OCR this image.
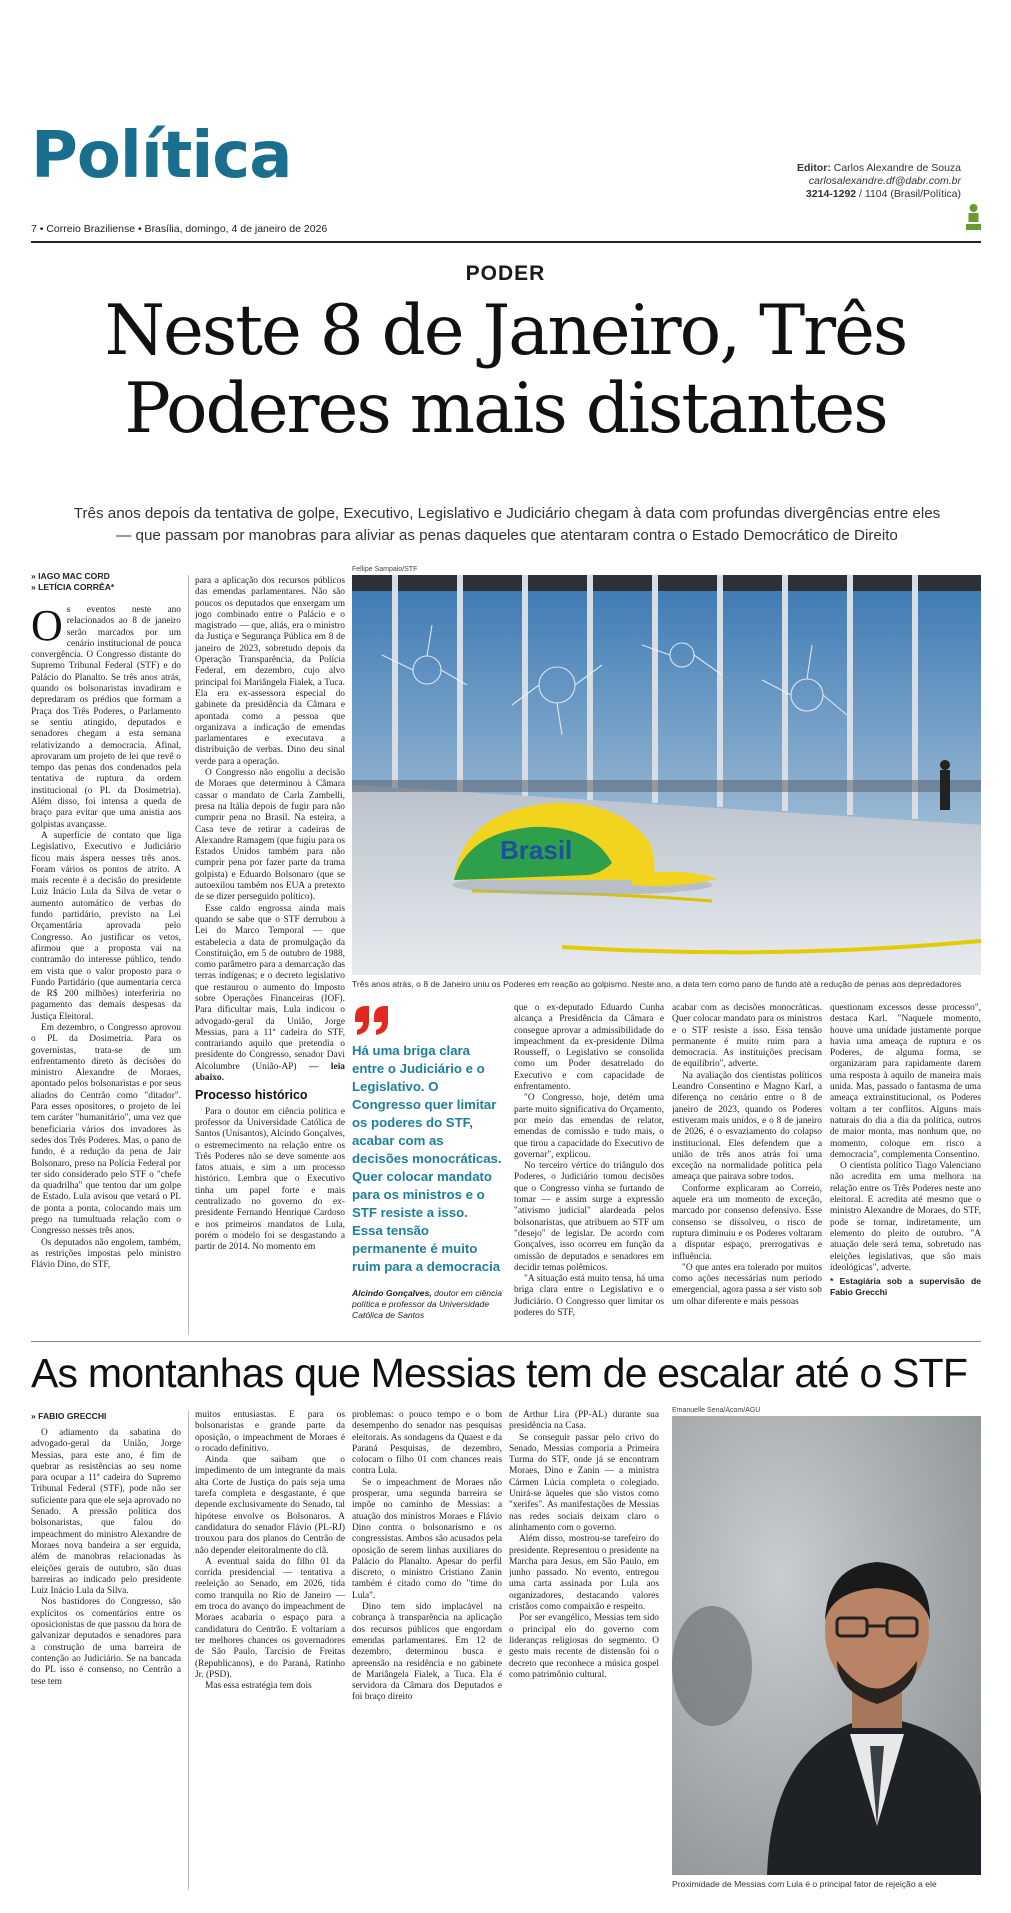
Política
7 • Correio Braziliense • Brasília, domingo, 4 de janeiro de 2026
Editor: Carlos Alexandre de Souza
carlosalexandre.df@dabr.com.br
3214-1292 / 1104 (Brasil/Política)
PODER
Neste 8 de Janeiro, Três
Poderes mais distantes
Três anos depois da tentativa de golpe, Executivo, Legislativo e Judiciário chegam à data com profundas divergências entre eles — que passam por manobras para aliviar as penas daqueles que atentaram contra o Estado Democrático de Direito
» IAGO MAC CORD
» LETÍCIA CORRÊA*

Os eventos neste ano relacionados ao 8 de janeiro serão marcados por um cenário institucional de pouca convergência. O Congresso distante do Supremo Tribunal Federal (STF) e do Palácio do Planalto. Se três anos atrás, quando os bolsonaristas invadiram e depredaram os prédios que formam a Praça dos Três Poderes, o Parlamento se sentiu atingido, deputados e senadores chegam a esta semana relativizando a democracia. Afinal, aprovaram um projeto de lei que revê o tempo das penas dos condenados pela tentativa de ruptura da ordem institucional (o PL da Dosimetria). Além disso, foi intensa a queda de braço para evitar que uma anistia aos golpistas avançasse.

A superfície de contato que liga Legislativo, Executivo e Judiciário ficou mais áspera nesses três anos. Foram vários os pontos de atrito. A mais recente é a decisão do presidente Luiz Inácio Lula da Silva de vetar o aumento automático de verbas do fundo partidário, previsto na Lei Orçamentária aprovada pelo Congresso. Ao justificar os vetos, afirmou que a proposta vai na contramão do interesse público, tendo em vista que o valor proposto para o Fundo Partidário (que aumentaria cerca de R$ 200 milhões) interferiria no pagamento das demais despesas da Justiça Eleitoral.

Em dezembro, o Congresso aprovou o PL da Dosimetria. Para os governistas, trata-se de um enfrentamento direto às decisões do ministro Alexandre de Moraes, apontado pelos bolsonaristas e por seus aliados do Centrão como "ditador". Para esses opositores, o projeto de lei tem caráter "humanitário", uma vez que beneficiaria vários dos invadores às sedes dos Três Poderes. Mas, o pano de fundo, é a redução da pena de Jair Bolsonaro, preso na Polícia Federal por ter sido considerado pelo STF o "chefe da quadrilha" que tentou dar um golpe de Estado. Lula avisou que vetará o PL de ponta a ponta, colocando mais um prego na tumultuada relação com o Congresso nesses três anos.

Os deputados não engolem, também, as restrições impostas pelo ministro Flávio Dino, do STF,

para a aplicação dos recursos públicos das emendas parlamentares. Não são poucos os deputados que enxergam um jogo combinado entre o Palácio e o magistrado — que, aliás, era o ministro da Justiça e Segurança Pública em 8 de janeiro de 2023, sobretudo depois da Operação Transparência, da Polícia Federal, em dezembro, cujo alvo principal foi Mariângela Fialek, a Tuca. Ela era ex-assessora especial do gabinete da presidência da Câmara e apontada como a pessoa que organizava a indicação de emendas parlamentares e executava a distribuição de verbas. Dino deu sinal verde para a operação.

O Congresso não engoliu a decisão de Moraes que determinou à Câmara cassar o mandato de Carla Zambelli, presa na Itália depois de fugir para não cumprir pena no Brasil. Na esteira, a Casa teve de retirar a cadeiras de Alexandre Ramagem (que fugiu para os Estados Unidos também para não cumprir pena por fazer parte da trama golpista) e Eduardo Bolsonaro (que se autoexilou também nos EUA a pretexto de se dizer perseguido político).

Esse caldo engrossa ainda mais quando se sabe que o STF derrubou a Lei do Marco Temporal — que estabelecia a data de promulgação da Constituição, em 5 de outubro de 1988, como parâmetro para a demarcação das terras indígenas; e o decreto legislativo que restaurou o aumento do Imposto sobre Operações Financeiras (IOF). Para dificultar mais, Lula indicou o advogado-geral da União, Jorge Messias, para a 11ª cadeira do STF, contrariando aquilo que pretendia o presidente do Congresso, senador Davi Alcolumbre (União-AP) — leia abaixo.

Processo histórico

Para o doutor em ciência política e professor da Universidade Católica de Santos (Unisantos), Alcindo Gonçalves, o estremecimento na relação entre os Três Poderes não se deve somente aos fatos atuais, e sim a um processo histórico. Lembra que o Executivo tinha um papel forte e mais centralizado no governo do ex-presidente Fernando Henrique Cardoso e nos primeiros mandatos de Lula, porém o modelo foi se desgastando a partir de 2014. No momento em

Fellipe Sampaio/STF
Brasil
Três anos atrás, o 8 de Janeiro uniu os Poderes em reação ao golpismo. Neste ano, a data tem como pano de fundo até a redução de penas aos depredadores
Há uma briga clara entre o Judiciário e o Legislativo. O Congresso quer limitar os poderes do STF, acabar com as decisões monocráticas. Quer colocar mandato para os ministros e o STF resiste a isso. Essa tensão permanente é muito ruim para a democracia
Alcindo Gonçalves, doutor em ciência política e professor da Universidade Católica de Santos

que o ex-deputado Eduardo Cunha alcança a Presidência da Câmara e consegue aprovar a admissibilidade do impeachment da ex-presidente Dilma Rousseff, o Legislativo se consolida como um Poder desatrelado do Executivo e com capacidade de enfrentamento.

"O Congresso, hoje, detém uma parte muito significativa do Orçamento, por meio das emendas de relator, emendas de comissão e tudo mais, o que tirou a capacidade do Executivo de governar", explicou.

No terceiro vértice do triângulo dos Poderes, o Judiciário tomou decisões que o Congresso vinha se furtando de tomar — e assim surge a expressão "ativismo judicial" alardeada pelos bolsonaristas, que atribuem ao STF um "desejo" de legislar. De acordo com Gonçalves, isso ocorreu em função da omissão de deputados e senadores em decidir temas polêmicos.

"A situação está muito tensa, há uma briga clara entre o Legislativo e o Judiciário. O Congresso quer limitar os poderes do STF,

acabar com as decisões monocráticas. Quer colocar mandato para os ministros e o STF resiste a isso. Essa tensão permanente é muito ruim para a democracia. As instituições precisam de equilíbrio", adverte.

Na avaliação dos cientistas políticos Leandro Consentino e Magno Karl, a diferença no cenário entre o 8 de janeiro de 2023, quando os Poderes estiveram mais unidos, e o 8 de janeiro de 2026, é o esvaziamento do colapso institucional. Eles defendem que a união de três anos atrás foi uma exceção na normalidade política pela ameaça que pairava sobre todos.

Conforme explicaram ao Correio, aquele era um momento de exceção, marcado por consenso defensivo. Esse consenso se dissolveu, o risco de ruptura diminuiu e os Poderes voltaram a disputar espaço, prerrogativas e influência.

"O que antes era tolerado por muitos como ações necessárias num período emergencial, agora passa a ser visto sob um olhar diferente e mais pessoas

questionam excessos desse processo", destaca Karl. "Naquele momento, houve uma unidade justamente porque havia uma ameaça de ruptura e os Poderes, de alguma forma, se organizaram para rapidamente darem uma resposta à aquilo de maneira mais unida. Mas, passado o fantasma de uma ameaça extrainstitucional, os Poderes voltam a ter conflitos. Alguns mais naturais do dia a dia da política, outros de maior monta, mas nonhum que, no momento, coloque em risco a democracia", complementa Consentino.

O cientista político Tiago Valenciano não acredita em uma melhora na relação entre os Três Poderes neste ano eleitoral. E acredita até mesmo que o ministro Alexandre de Moraes, do STF, pode se tornar, indiretamente, um elemento do pleito de outubro. "A atuação dele será tema, sobretudo nas eleições legislativas, que são mais ideológicas", adverte.

* Estagiária sob a supervisão de Fabio Grecchi

As montanhas que Messias tem de escalar até o STF
» FABIO GRECCHI

O adiamento da sabatina do advogado-geral da União, Jorge Messias, para este ano, é fim de quebrar as resistências ao seu nome para ocupar a 11ª cadeira do Supremo Tribunal Federal (STF), pode não ser suficiente para que ele seja aprovado no Senado. A pressão política dos bolsonaristas, que falou do impeachment do ministro Alexandre de Moraes nova bandeira a ser erguida, além de manobras relacionadas às eleições gerais de outubro, são duas barreiras ao indicado pelo presidente Luiz Inácio Lula da Silva.

Nos bastidores do Congresso, são explícitos os comentários entre os oposicionistas de que passou da hora de galvanizar deputados e senadores para a construção de uma barreira de contenção ao Judiciário. Se na bancada do PL isso é consenso, no Centrão a tese tem

muitos entusiastas. E para os bolsonaristas e grande parte da oposição, o impeachment de Moraes é o rocado definitivo.

Ainda que saibam que o impedimento de um integrante da mais alta Corte de Justiça do país seja uma tarefa completa e desgastante, é que depende exclusivamente do Senado, tal hipótese envolve os Bolsonaros. A candidatura do senador Flávio (PL-RJ) trouxou para dos planos do Centrão de não depender eleitoralmente do clã.

A eventual saída do filho 01 da corrida presidencial — tentativa a reeleição ao Senado, em 2026, tida como tranquila no Rio de Janeiro — em troca do avanço do impeachment de Moraes acabaria o espaço para a candidatura do Centrão. E voltariam a ter melhores chances os governadores de São Paulo, Tarcísio de Freitas (Republicanos), e do Paraná, Ratinho Jr. (PSD).

Mas essa estratégia tem dois

problemas: o pouco tempo e o bom desempenho do senador nas pesquisas eleitorais. As sondagens da Quaest e da Paraná Pesquisas, de dezembro, colocam o filho 01 com chances reais contra Lula.

Se o impeachment de Moraes não prosperar, uma segunda barreira se impõe no caminho de Messias: a atuação dos ministros Moraes e Flávio Dino contra o bolsonarismo e os congressistas. Ambos são acusados pela oposição de serem linhas auxiliares do Palácio do Planalto. Apesar do perfil discreto, o ministro Cristiano Zanin também é citado como do "time do Lula".

Dino tem sido implacável na cobrança à transparência na aplicação dos recursos públicos que engordam emendas parlamentares. Em 12 de dezembro, determinou busca e apreensão na residência e no gabinete de Mariângela Fialek, a Tuca. Ela é servidora da Câmara dos Deputados e foi braço direito

de Arthur Lira (PP-AL) durante sua presidência na Casa.

Se conseguir passar pelo crivo do Senado, Messias comporia a Primeira Turma do STF, onde já se encontram Moraes, Dino e Zanin — a ministra Cármen Lúcia completa o colegiado. Unirá-se àqueles que são vistos como "xerifes". As manifestações de Messias nas redes sociais deixam claro o alinhamento com o governo.

Além disso, mostrou-se tarefeiro do presidente. Representou o presidente na Marcha para Jesus, em São Paulo, em junho passado. No evento, entregou uma carta assinada por Lula aos organizadores, destacando valores cristãos como compaixão e respeito.

Por ser evangélico, Messias tem sido o principal elo do governo com lideranças religiosas do segmento. O gesto mais recente de distensão foi o decreto que reconhece a música gospel como patrimônio cultural.

Emanuelle Sena/Acom/AGU
Proximidade de Messias com Lula é o principal fator de rejeição a ele
